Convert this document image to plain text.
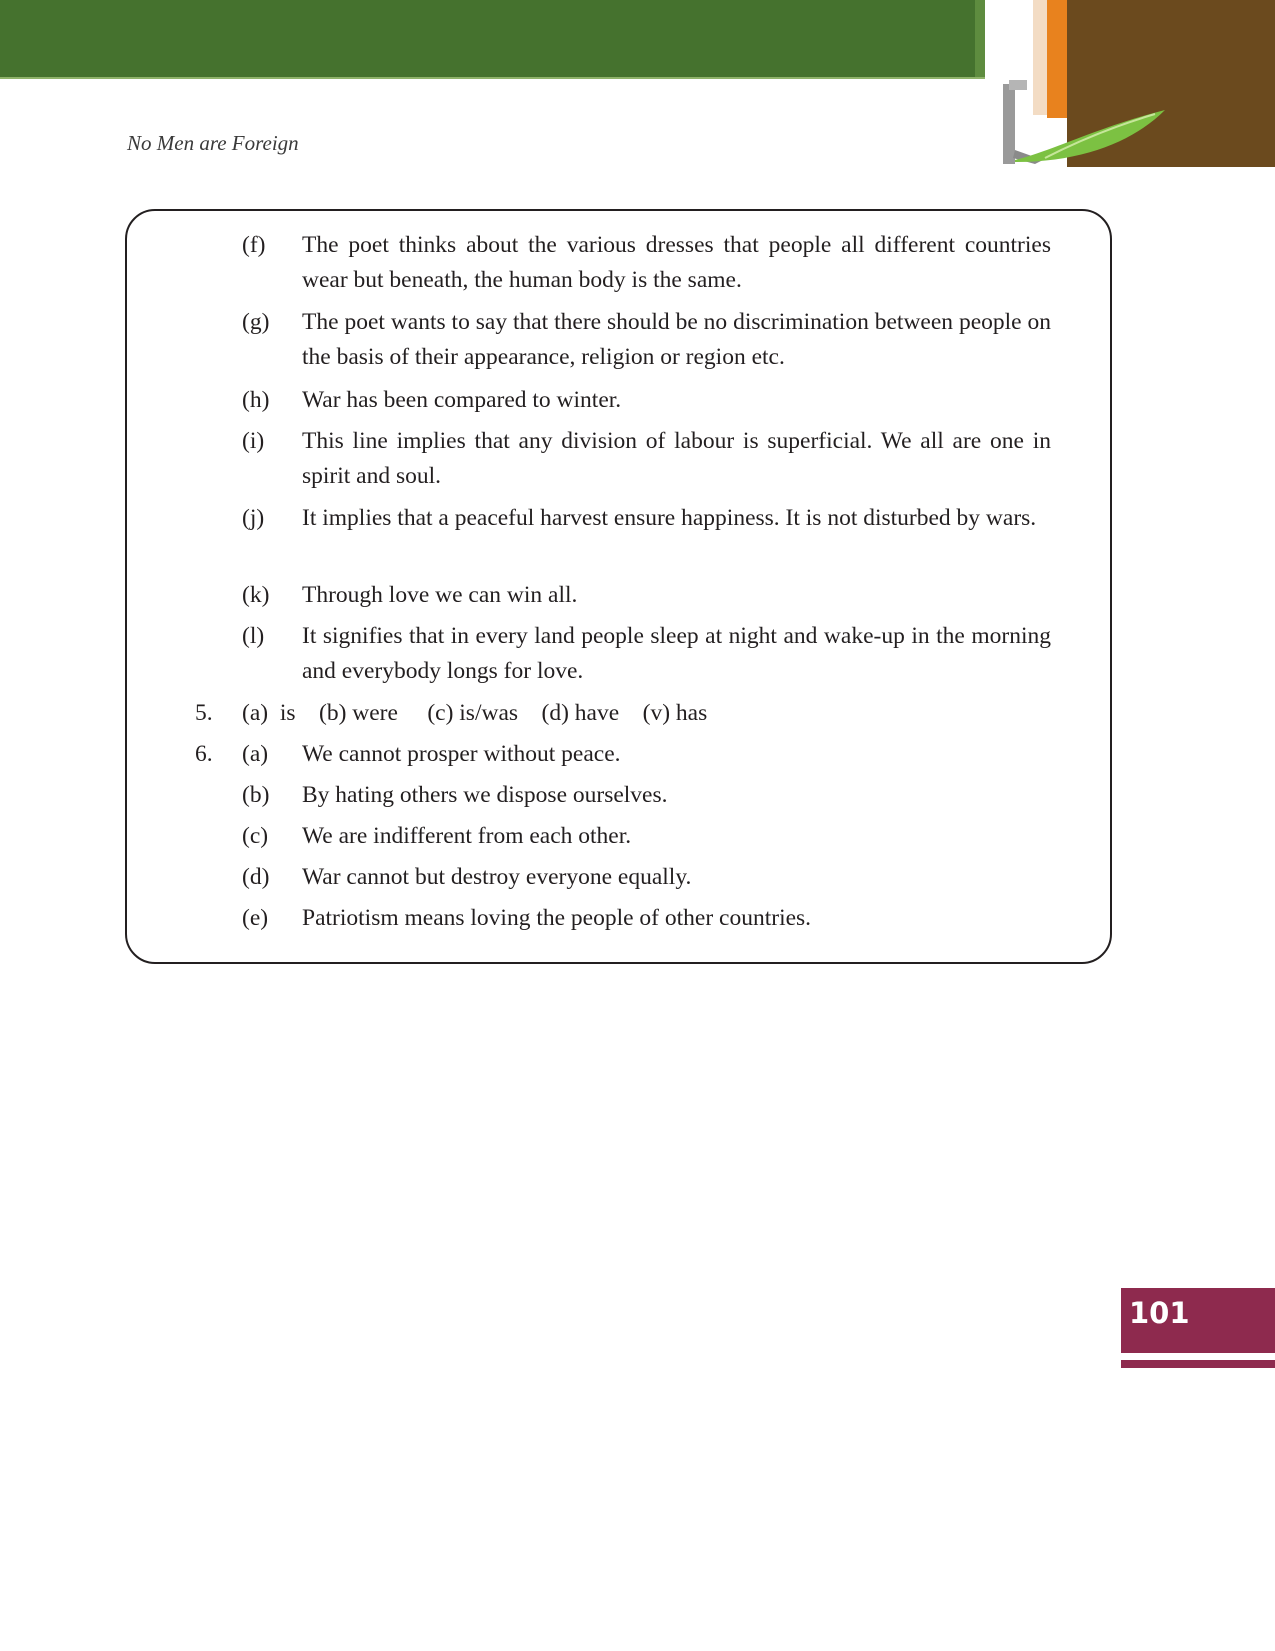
No Men are Foreign
(f) The poet thinks about the various dresses that people all different countries wear but beneath, the human body is the same.
(g) The poet wants to say that there should be no discrimination between people on the basis of their appearance, religion or region etc.
(h) War has been compared to winter.
(i) This line implies that any division of labour is superficial. We all are one in spirit and soul.
(j) It implies that a peaceful harvest ensure happiness. It is not disturbed by wars.
(k) Through love we can win all.
(l) It signifies that in every land people sleep at night and wake-up in the morning and everybody longs for love.
5. (a)  is    (b) were     (c) is/was    (d) have    (v) has
6. (a) We cannot prosper without peace.
(b) By hating others we dispose ourselves.
(c) We are indifferent from each other.
(d) War cannot but destroy everyone equally.
(e) Patriotism means loving the people of other countries.
101
